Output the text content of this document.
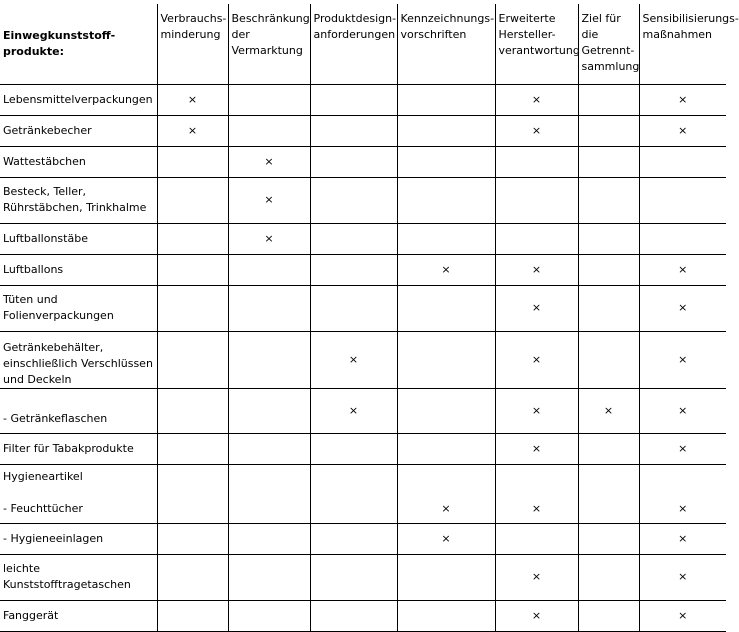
Einwegkunststoff-produkte:	Verbrauchs-minderung	Beschränkung der Vermarktung	Produktdesign-anforderungen	Kennzeichnungs-vorschriften	Erweiterte Hersteller-verantwortung	Ziel für die Getrennt-sammlung	Sensibilisierungs-maßnahmen
Lebensmittelverpackungen	×				×		×
Getränkebecher	×				×		×
Wattestäbchen		×					
Besteck, Teller, Rührstäbchen, Trinkhalme		×					
Luftballonstäbe		×					
Luftballons				×	×		×
Tüten und Folienverpackungen					×		×
Getränkebehälter, einschließlich Verschlüssen und Deckeln			×		×		×
- Getränkeflaschen			×		×	×	×
Filter für Tabakprodukte					×		×
Hygieneartikel

- Feuchttücher				×	×		×
- Hygieneeinlagen				×			×
leichte Kunststofftragetaschen					×		×
Fanggerät					×		×
